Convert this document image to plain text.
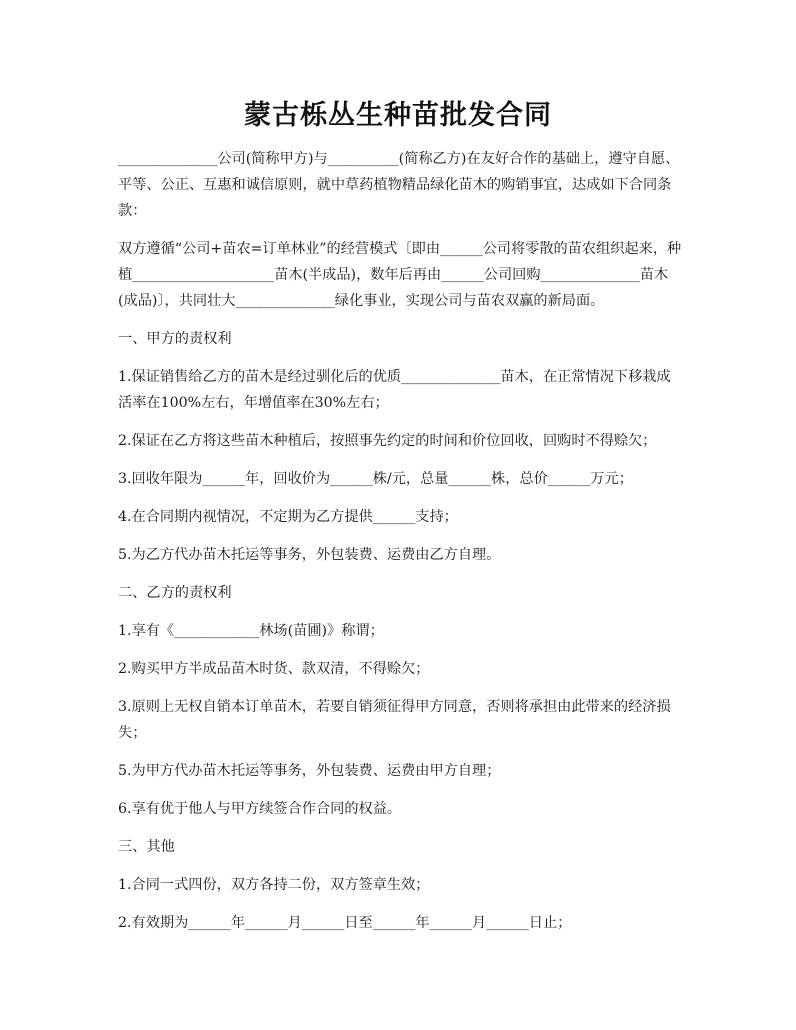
蒙古栎丛生种苗批发合同

______________公司(简称甲方)与__________(简称乙方)在友好合作的基础上，遵守自愿、平等、公正、互惠和诚信原则，就中草药植物精品绿化苗木的购销事宜，达成如下合同条款：

双方遵循“公司+苗农=订单林业”的经营模式〔即由______公司将零散的苗农组织起来，种植____________________苗木(半成品)，数年后再由______公司回购______________苗木(成品)〕，共同壮大______________绿化事业，实现公司与苗农双赢的新局面。

一、甲方的责权利

1.保证销售给乙方的苗木是经过驯化后的优质______________苗木，在正常情况下移栽成活率在100%左右，年增值率在30%左右；

2.保证在乙方将这些苗木种植后，按照事先约定的时间和价位回收，回购时不得赊欠；

3.回收年限为______年，回收价为______株/元，总量______株，总价______万元；

4.在合同期内视情况，不定期为乙方提供______支持；

5.为乙方代办苗木托运等事务，外包装费、运费由乙方自理。

二、乙方的责权利

1.享有《____________林场(苗圃)》称谓；

2.购买甲方半成品苗木时货、款双清，不得赊欠；

3.原则上无权自销本订单苗木，若要自销须征得甲方同意，否则将承担由此带来的经济损失；

5.为甲方代办苗木托运等事务，外包装费、运费由甲方自理；

6.享有优于他人与甲方续签合作合同的权益。

三、其他

1.合同一式四份，双方各持二份，双方签章生效；

2.有效期为______年______月______日至______年______月______日止；
